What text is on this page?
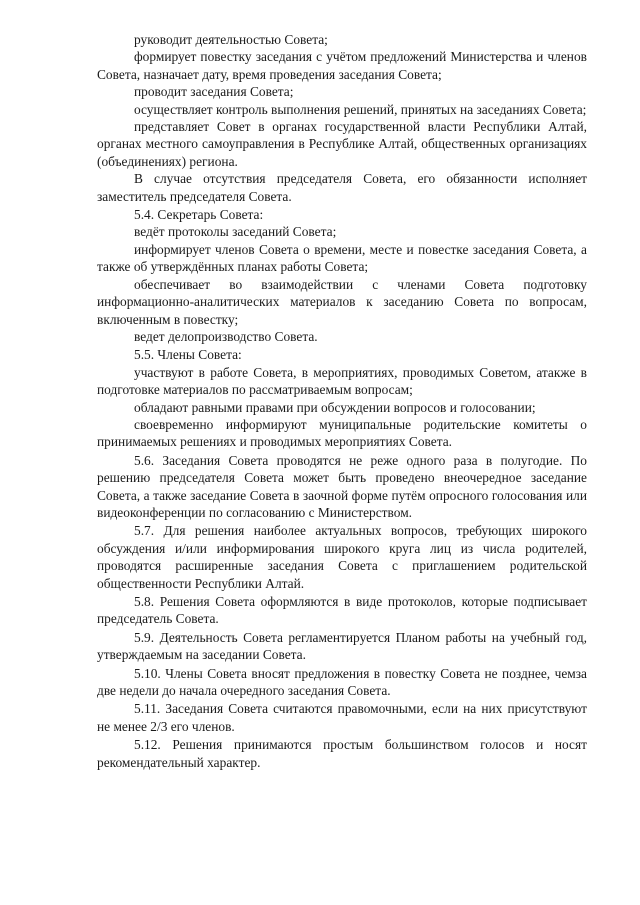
руководит деятельностью Совета;

формирует повестку заседания с учётом предложений Министерства и членов Совета, назначает дату, время проведения заседания Совета;

проводит заседания Совета;

осуществляет контроль выполнения решений, принятых на заседаниях Совета;

представляет Совет в органах государственной власти Республики Алтай, органах местного самоуправления в Республике Алтай, общественных организациях (объединениях) региона.

В случае отсутствия председателя Совета, его обязанности исполняет заместитель председателя Совета.

5.4. Секретарь Совета:

ведёт протоколы заседаний Совета;

информирует членов Совета о времени, месте и повестке заседания Совета, а также об утверждённых планах работы Совета;

обеспечивает во взаимодействии с членами Совета подготовку информационно-аналитических материалов к заседанию Совета по вопросам, включенным в повестку;

ведет делопроизводство Совета.

5.5. Члены Совета:

участвуют в работе Совета, в мероприятиях, проводимых Советом, атакже в подготовке материалов по рассматриваемым вопросам;

обладают равными правами при обсуждении вопросов и голосовании;

своевременно информируют муниципальные родительские комитеты о принимаемых решениях и проводимых мероприятиях Совета.

5.6. Заседания Совета проводятся не реже одного раза в полугодие. По решению председателя Совета может быть проведено внеочередное заседание Совета, а также заседание Совета в заочной форме путём опросного голосования или видеоконференции по согласованию с Министерством.

5.7. Для решения наиболее актуальных вопросов, требующих широкого обсуждения и/или информирования широкого круга лиц из числа родителей, проводятся расширенные заседания Совета с приглашением родительской общественности Республики Алтай.

5.8. Решения Совета оформляются в виде протоколов, которые подписывает председатель Совета.

5.9. Деятельность Совета регламентируется Планом работы на учебный год, утверждаемым на заседании Совета.

5.10. Члены Совета вносят предложения в повестку Совета не позднее, чемза две недели до начала очередного заседания Совета.

5.11. Заседания Совета считаются правомочными, если на них присутствуют не менее 2/3 его членов.

5.12. Решения принимаются простым большинством голосов и носят рекомендательный характер.
